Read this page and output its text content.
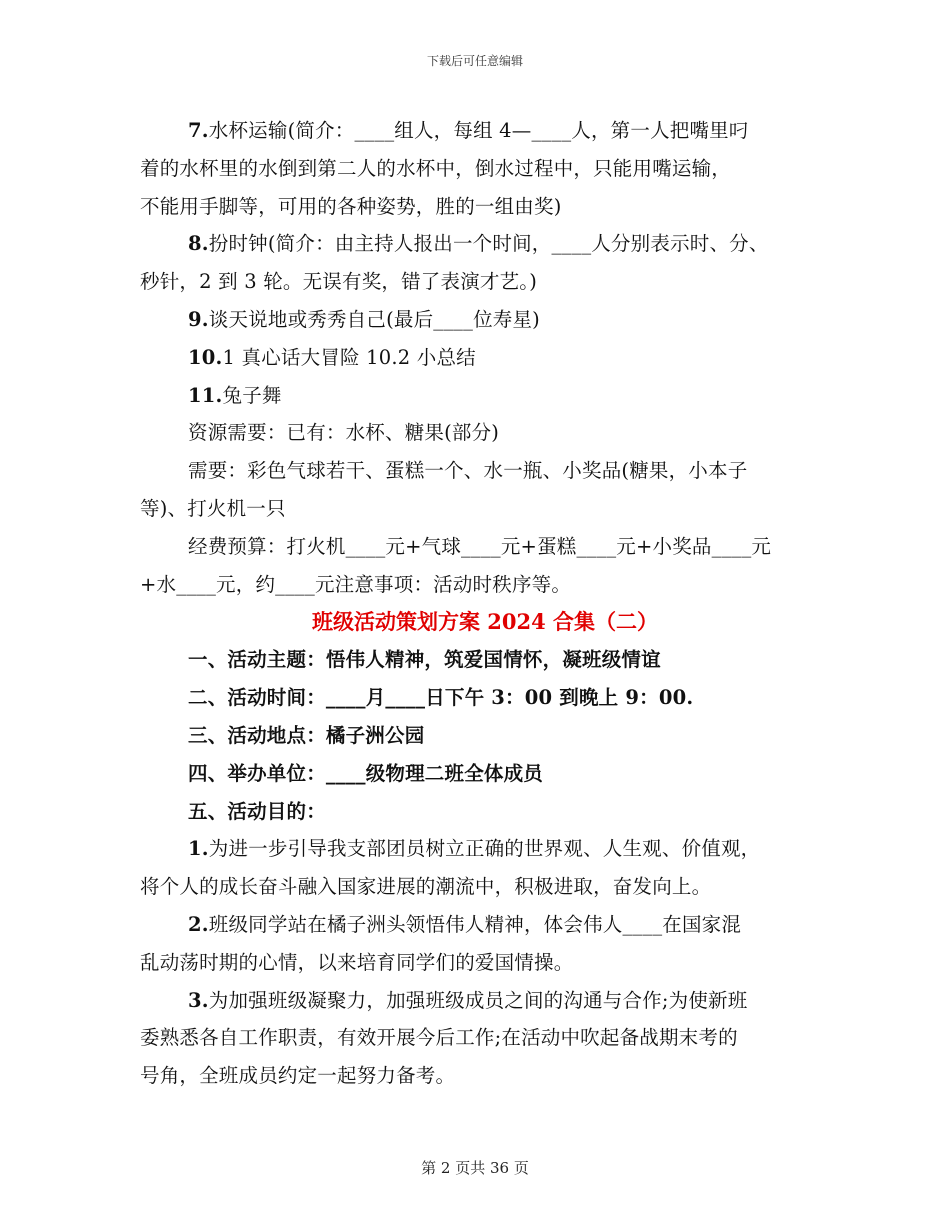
下载后可任意编辑
7.水杯运输(简介：____组人，每组 4—____人，第一人把嘴里叼
着的水杯里的水倒到第二人的水杯中，倒水过程中，只能用嘴运输，
不能用手脚等，可用的各种姿势，胜的一组由奖)
8.扮时钟(简介：由主持人报出一个时间，____人分别表示时、分、
秒针，2 到 3 轮。无误有奖，错了表演才艺。)
9.谈天说地或秀秀自己(最后____位寿星)
10.1 真心话大冒险 10.2 小总结
11.兔子舞
资源需要：已有：水杯、糖果(部分)
需要：彩色气球若干、蛋糕一个、水一瓶、小奖品(糖果，小本子
等)、打火机一只
经费预算：打火机____元+气球____元+蛋糕____元+小奖品____元
+水____元，约____元注意事项：活动时秩序等。
班级活动策划方案 2024 合集（二）
一、活动主题：悟伟人精神，筑爱国情怀，凝班级情谊
二、活动时间：____月____日下午 3：00 到晚上 9：00.
三、活动地点：橘子洲公园
四、举办单位：____级物理二班全体成员
五、活动目的：
1.为进一步引导我支部团员树立正确的世界观、人生观、价值观，
将个人的成长奋斗融入国家进展的潮流中，积极进取，奋发向上。
2.班级同学站在橘子洲头领悟伟人精神，体会伟人____在国家混
乱动荡时期的心情，以来培育同学们的爱国情操。
3.为加强班级凝聚力，加强班级成员之间的沟通与合作;为使新班
委熟悉各自工作职责，有效开展今后工作;在活动中吹起备战期末考的
号角，全班成员约定一起努力备考。
第 2 页共 36 页
